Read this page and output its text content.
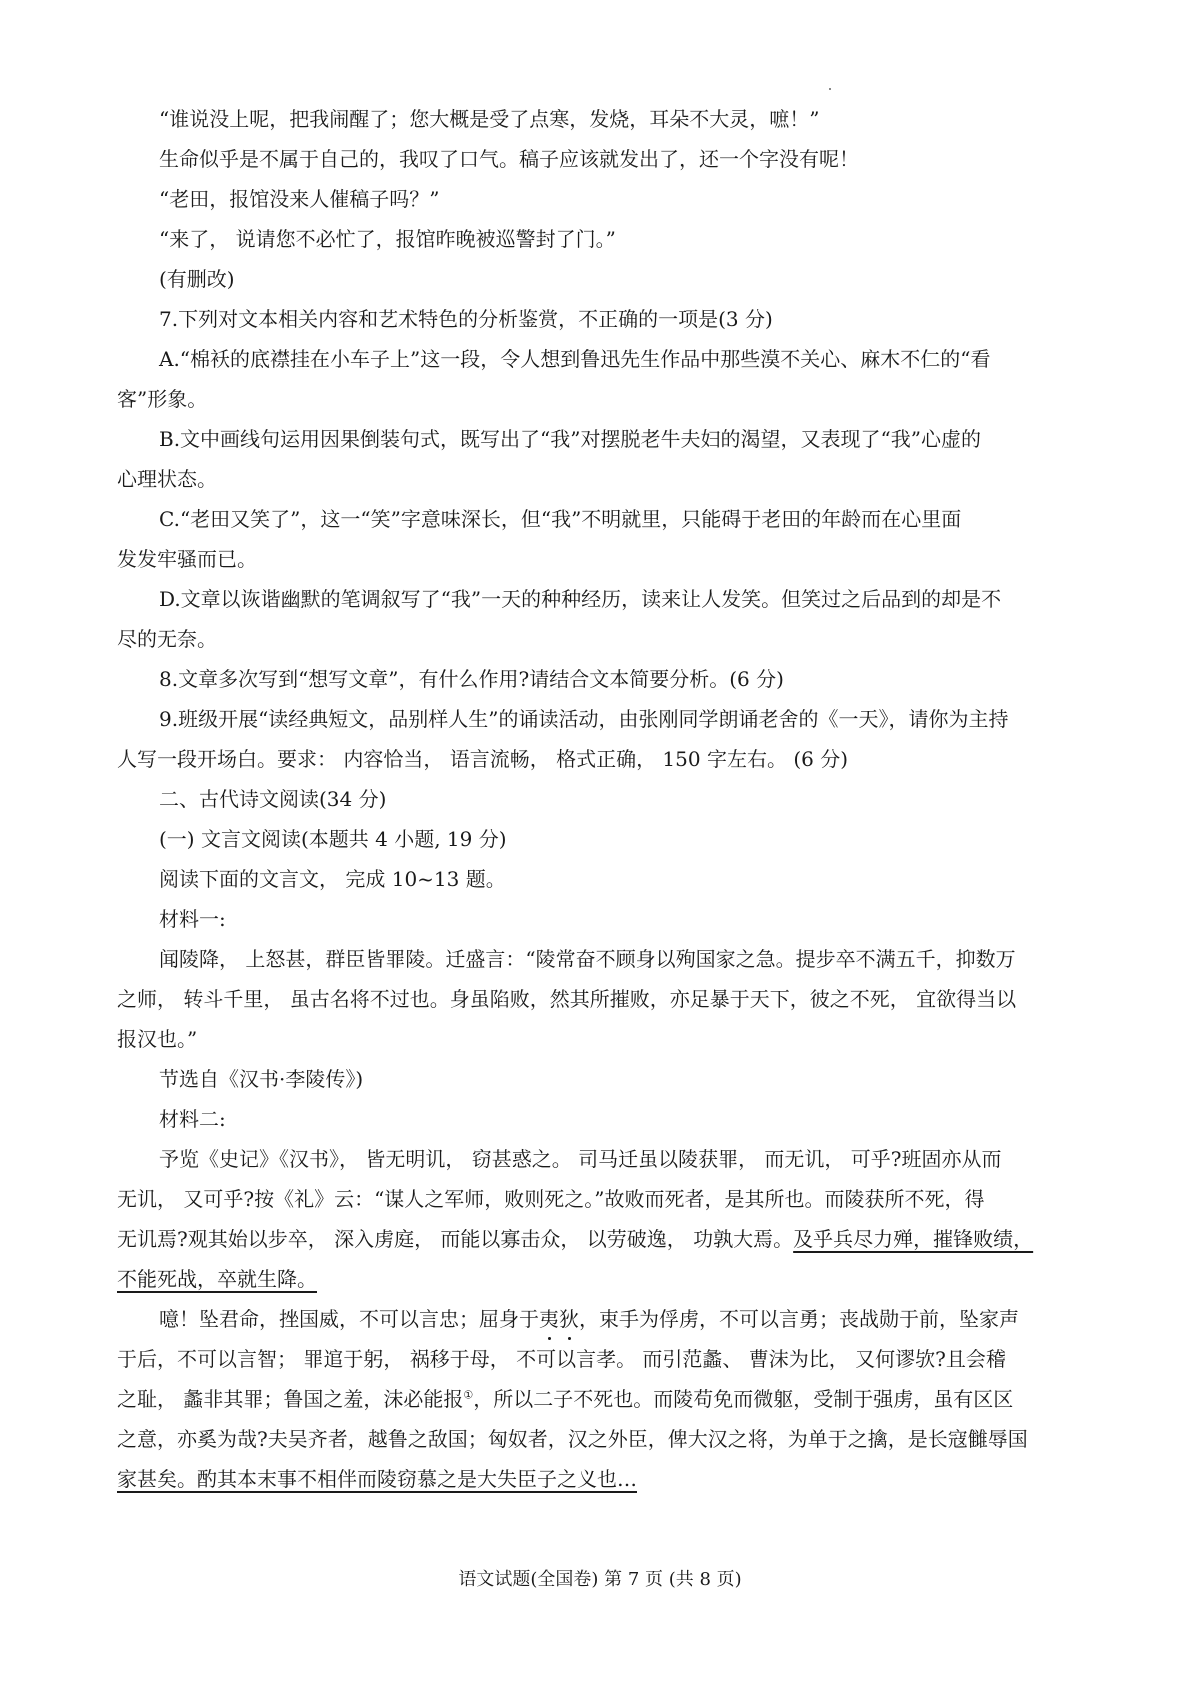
“谁说没上呢，把我闹醒了；您大概是受了点寒，发烧，耳朵不大灵，嗻！”
生命似乎是不属于自己的，我叹了口气。稿子应该就发出了，还一个字没有呢！
“老田，报馆没来人催稿子吗？”
“来了， 说请您不必忙了，报馆昨晚被巡警封了门。”
(有删改)
7.下列对文本相关内容和艺术特色的分析鉴赏，不正确的一项是(3 分)
A.“棉袄的底襟挂在小车子上”这一段，令人想到鲁迅先生作品中那些漠不关心、麻木不仁的“看
客”形象。
B.文中画线句运用因果倒装句式，既写出了“我”对摆脱老牛夫妇的渴望，又表现了“我”心虚的
心理状态。
C.“老田又笑了”，这一“笑”字意味深长，但“我”不明就里，只能碍于老田的年龄而在心里面
发发牢骚而已。
D.文章以诙谐幽默的笔调叙写了“我”一天的种种经历，读来让人发笑。但笑过之后品到的却是不
尽的无奈。
8.文章多次写到“想写文章”，有什么作用?请结合文本简要分析。(6 分)
9.班级开展“读经典短文，品别样人生”的诵读活动，由张刚同学朗诵老舍的《一天》，请你为主持
人写一段开场白。要求： 内容恰当， 语言流畅， 格式正确， 150 字左右。 (6 分)
二、古代诗文阅读(34 分)
(一) 文言文阅读(本题共 4 小题, 19 分)
阅读下面的文言文， 完成 10~13 题。
材料一:
闻陵降， 上怒甚，群臣皆罪陵。迁盛言：“陵常奋不顾身以殉国家之急。提步卒不满五千，抑数万
之师， 转斗千里， 虽古名将不过也。身虽陷败，然其所摧败，亦足暴于天下，彼之不死， 宜欲得当以
报汉也。”
节选自《汉书·李陵传》)
材料二:
予览《史记》《汉书》， 皆无明讥， 窃甚惑之。 司马迁虽以陵获罪， 而无讥， 可乎?班固亦从而
无讥， 又可乎?按《礼》云：“谋人之军师，败则死之。”故败而死者，是其所也。而陵获所不死，得
无讥焉?观其始以步卒， 深入虏庭， 而能以寡击众， 以劳破逸， 功孰大焉。及乎兵尽力殚，摧锋败绩，
不能死战，卒就生降。
噫！坠君命，挫国威，不可以言忠；屈身于夷狄，束手为俘虏，不可以言勇；丧战勋于前，坠家声
于后，不可以言智； 罪逭于躬， 祸移于母， 不可以言孝。 而引范蠡、 曹沫为比， 又何谬欤?且会稽
之耻， 蠡非其罪；鲁国之羞，沫必能报①，所以二子不死也。而陵苟免而微躯，受制于强虏，虽有区区
之意，亦奚为哉?夫吴齐者，越鲁之敌国；匈奴者，汉之外臣，俾大汉之将，为单于之擒，是长寇雠辱国
家甚矣。酌其本末事不相伴而陵窃慕之是大失臣子之义也…
语文试题(全国卷) 第 7 页 (共 8 页)
